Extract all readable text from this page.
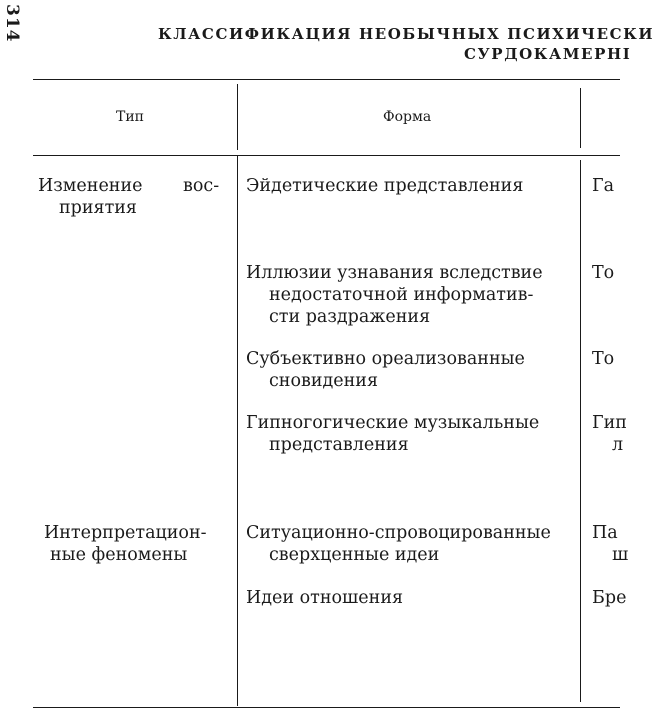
314	КЛАССИФИКАЦИЯ НЕОБЫЧНЫХ ПСИХИЧЕСКИ
СУРДОКАМЕРНІ
Тип	Форма
Изменение вос-
приятия
Интерпретацион-
ные феномены
Эйдетические представления
Иллюзии узнавания вследствие
недостаточной информатив-
сти раздражения
Субъективно ореализованные
сновидения
Гипногогические музыкальные
представления
Ситуационно-спровоцированные
сверхценные идеи
Идеи отношения
Га
То
То
Гип
л
Па
ш
Бре
